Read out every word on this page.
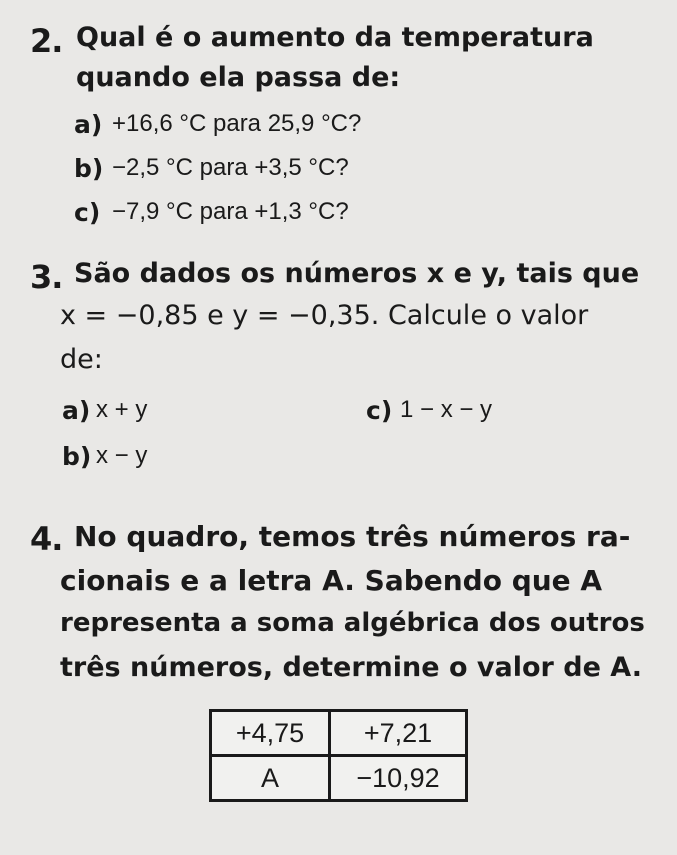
2. Qual é o aumento da temperatura
quando ela passa de:
a) +16,6 °C para 25,9 °C?
b) −2,5 °C para +3,5 °C?
c) −7,9 °C para +1,3 °C?
3. São dados os números x e y, tais que
x = −0,85 e y = −0,35. Calcule o valor
de:
a) x + y
b) x − y
c) 1 − x − y
4. No quadro, temos três números ra-
cionais e a letra A. Sabendo que A
representa a soma algébrica dos outros
três números, determine o valor de A.
+4,75	+7,21
A	−10,92
